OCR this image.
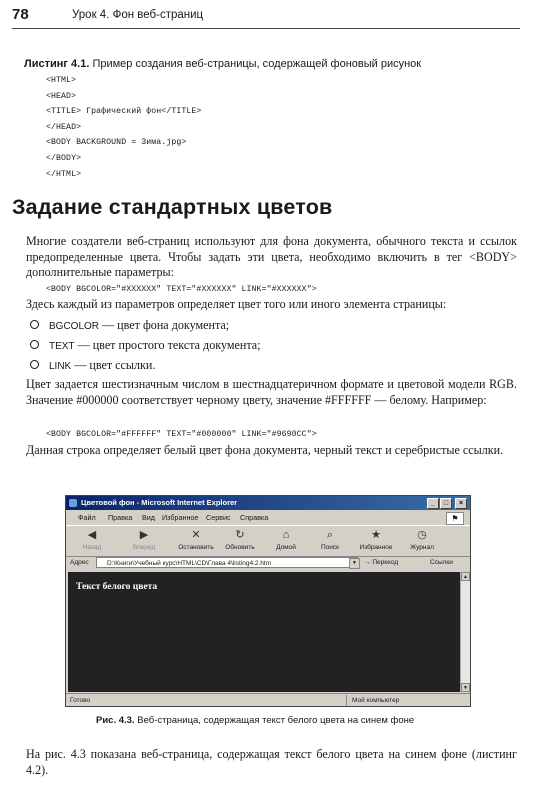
78	Урок 4. Фон веб-страниц
Листинг 4.1. Пример создания веб-страницы, содержащей фоновый рисунок
<HTML>
<HEAD>
<TITLE> Графический фон</TITLE>
</HEAD>
<BODY BACKGROUND = Зима.jpg>
</BODY>
</HTML>
Задание стандартных цветов
Многие создатели веб-страниц используют для фона документа, обычного текста и ссылок предопределенные цвета. Чтобы задать эти цвета, необходимо включить в тег <BODY> дополнительные параметры:
<BODY BGCOLOR="#XXXXXX" TEXT="#XXXXXX" LINK="#XXXXXX">
Здесь каждый из параметров определяет цвет того или иного элемента страницы:
BGCOLOR — цвет фона документа;
TEXT — цвет простого текста документа;
LINK — цвет ссылки.
Цвет задается шестизначным числом в шестнадцатеричном формате и цветовой модели RGB. Значение #000000 соответствует черному цвету, значение #FFFFFF — белому. Например:
<BODY BGCOLOR="#FFFFFF" TEXT="#000000" LINK="#9690CC">
Данная строка определяет белый цвет фона документа, черный текст и серебристые ссылки.
Цветовой фон - Microsoft Internet Explorer	_	□	×
Файл Правка Вид Избранное Сервис Справка	⚑
◀
Назад
▶
Вперед
✕
Остановить
↻
Обновить
⌂
Домой
⌕
Поиск
★
Избранное
◷
Журнал
Адрес	D:\Книги\Учебный курс\HTML\CD\Глава 4\listing4.2.htm	▼	→ Переход	Ссылки
Текст белого цвета
▲
▼
Готово	Мой компьютер
Рис. 4.3. Веб-страница, содержащая текст белого цвета на синем фоне
На рис. 4.3 показана веб-страница, содержащая текст белого цвета на синем фоне (листинг 4.2).
